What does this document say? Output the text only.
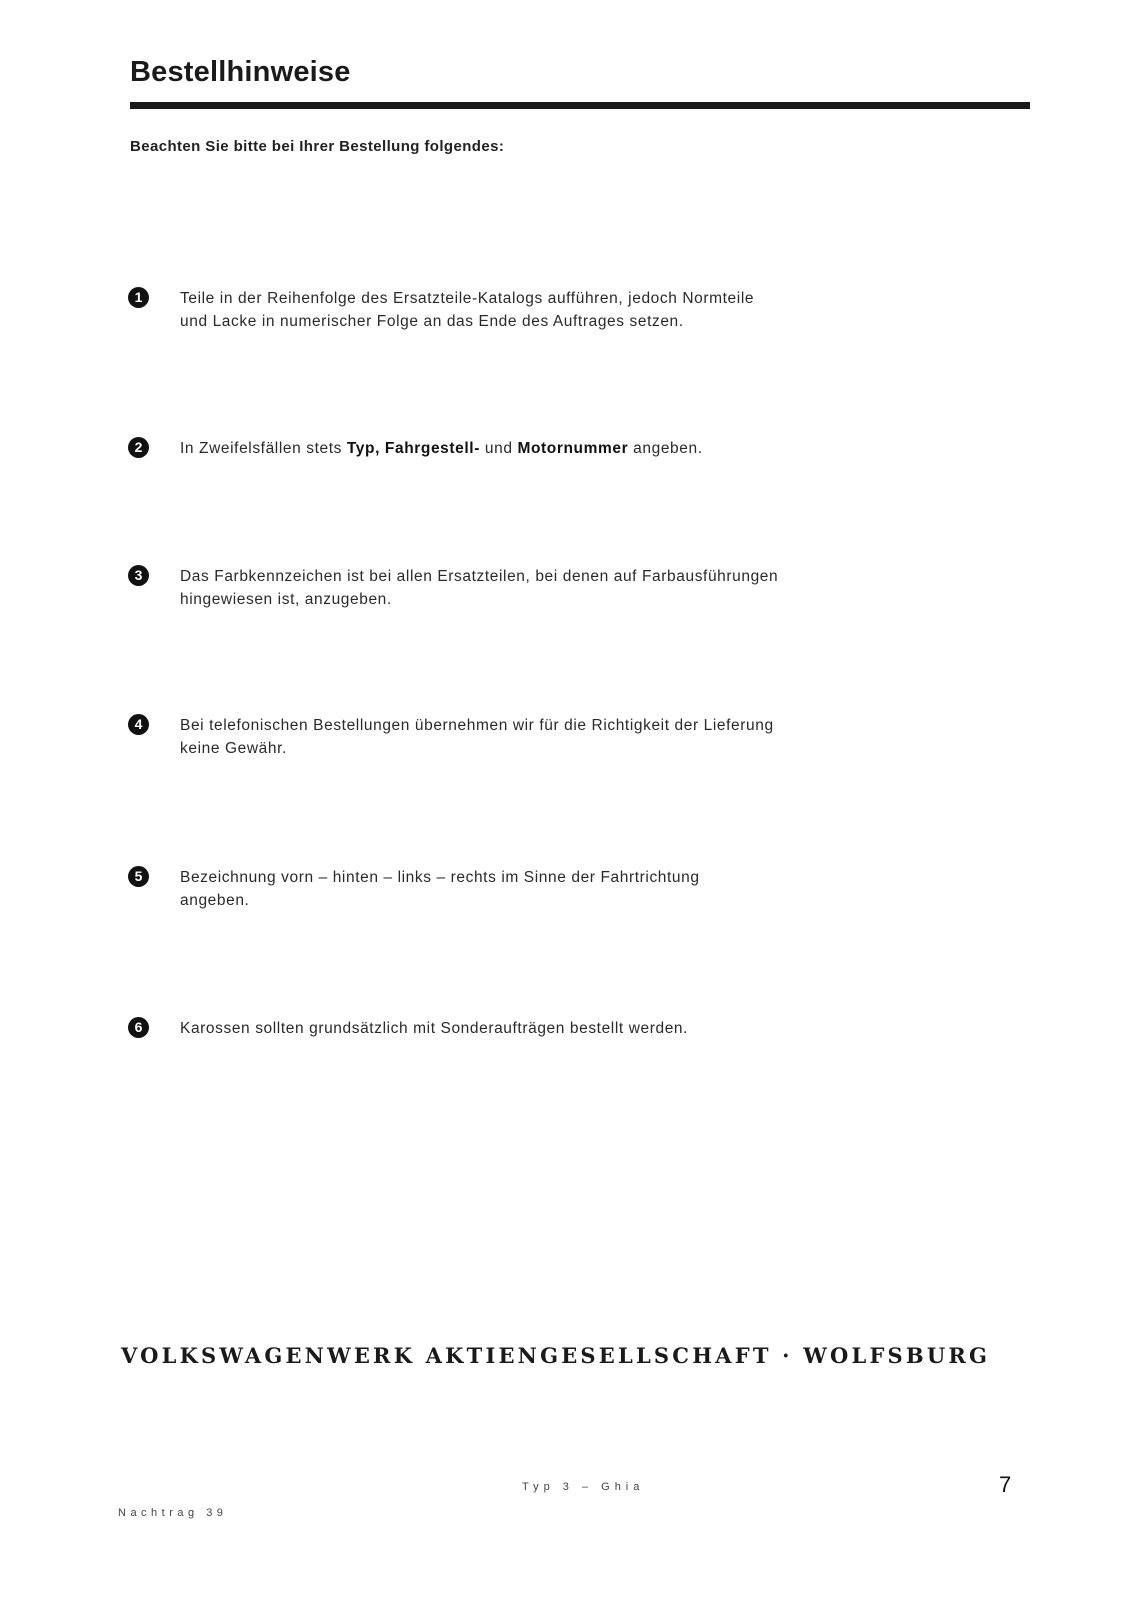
Bestellhinweise
Beachten Sie bitte bei Ihrer Bestellung folgendes:
1	Teile in der Reihenfolge des Ersatzteile-Katalogs aufführen, jedoch Normteile
und Lacke in numerischer Folge an das Ende des Auftrages setzen.
2	In Zweifelsfällen stets Typ, Fahrgestell- und Motornummer angeben.
3	Das Farbkennzeichen ist bei allen Ersatzteilen, bei denen auf Farbausführungen
hingewiesen ist, anzugeben.
4	Bei telefonischen Bestellungen übernehmen wir für die Richtigkeit der Lieferung
keine Gewähr.
5	Bezeichnung vorn – hinten – links – rechts im Sinne der Fahrtrichtung
angeben.
6	Karossen sollten grundsätzlich mit Sonderaufträgen bestellt werden.
VOLKSWAGENWERK AKTIENGESELLSCHAFT · WOLFSBURG
Typ 3 – Ghia	7
Nachtrag 39
